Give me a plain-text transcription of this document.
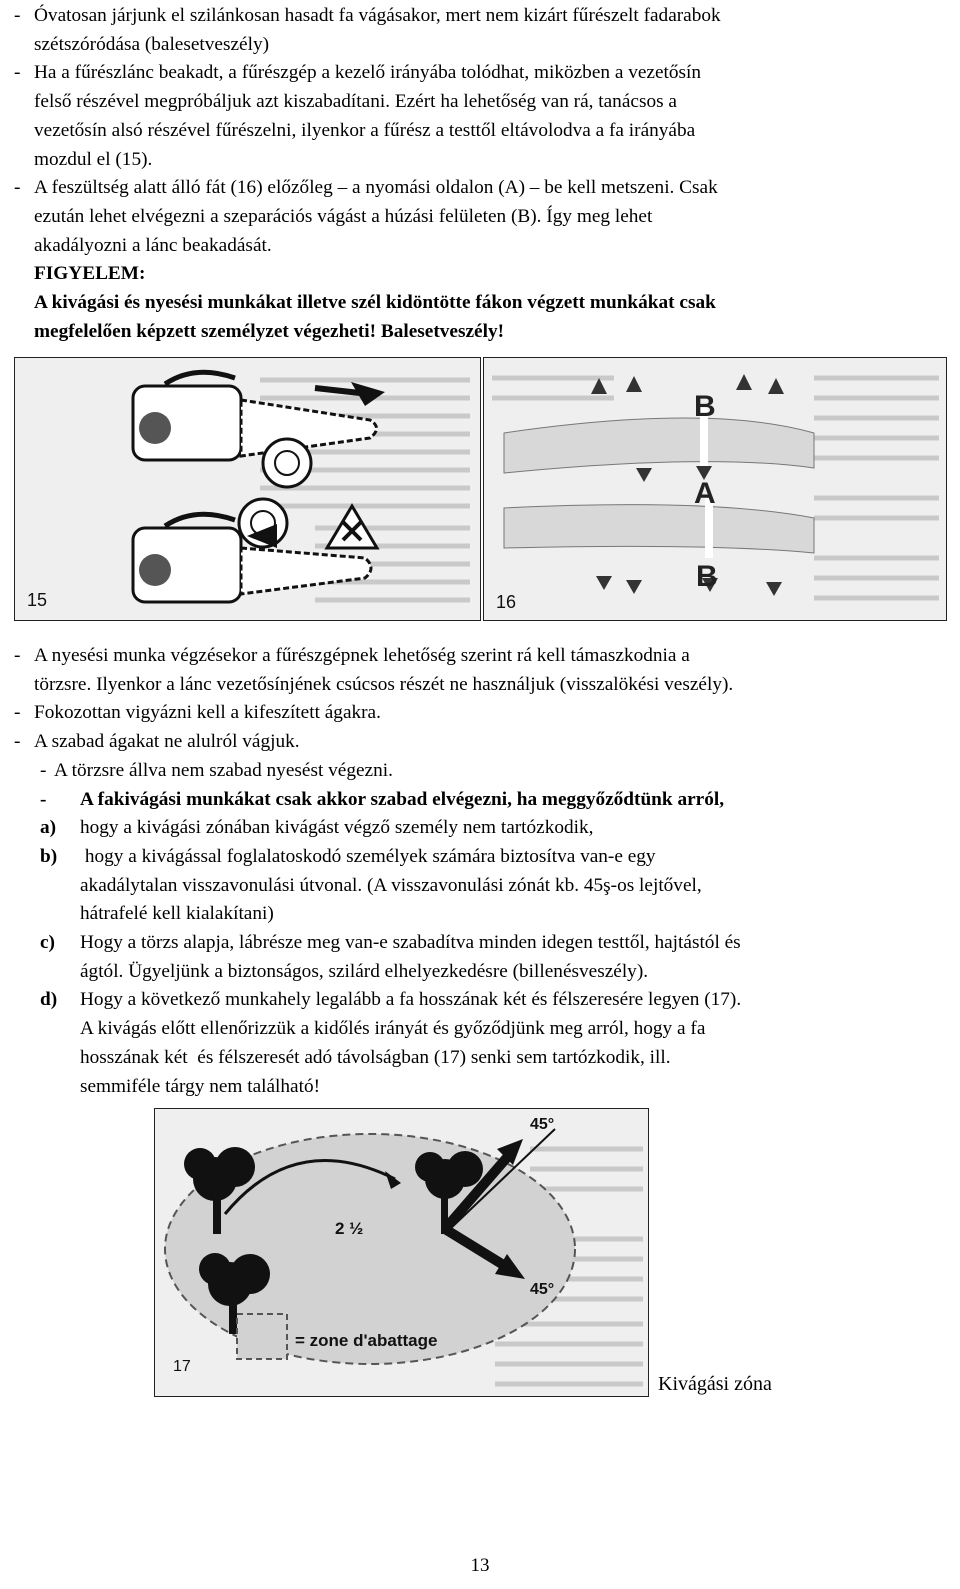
- Óvatosan járjunk el szilánkosan hasadt fa vágásakor, mert nem kizárt fűrészelt fadarabok
szétszóródása (balesetveszély)
- Ha a fűrészlánc beakadt, a fűrészgép a kezelő irányába tolódhat, miközben a vezetősín
felső részével megpróbáljuk azt kiszabadítani. Ezért ha lehetőség van rá, tanácsos a
vezetősín alsó részével fűrészelni, ilyenkor a fűrész a testtől eltávolodva a fa irányába
mozdul el (15).
- A feszültség alatt álló fát (16) előzőleg – a nyomási oldalon (A) – be kell metszeni. Csak
ezután lehet elvégezni a szeparációs vágást a húzási felületen (B). Így meg lehet
akadályozni a lánc beakadását.
FIGYELEM:
A kivágási és nyesési munkákat illetve szél kidöntötte fákon végzett munkákat csak
megfelelően képzett személyzet végezheti! Balesetveszély!
15
B
A
B
16
- A nyesési munka végzésekor a fűrészgépnek lehetőség szerint rá kell támaszkodnia a
törzsre. Ilyenkor a lánc vezetősínjének csúcsos részét ne használjuk (visszalökési veszély).
- Fokozottan vigyázni kell a kifeszített ágakra.
- A szabad ágakat ne alulról vágjuk.
- A törzsre állva nem szabad nyesést végezni.
- A fakivágási munkákat csak akkor szabad elvégezni, ha meggyőződtünk arról,
a) hogy a kivágási zónában kivágást végző személy nem tartózkodik,
b) hogy a kivágással foglalatoskodó személyek számára biztosítva van-e egy
akadálytalan visszavonulási útvonal. (A visszavonulási zónát kb. 45ş-os lejtővel,
hátrafelé kell kialakítani)
c) Hogy a törzs alapja, lábrésze meg van-e szabadítva minden idegen testtől, hajtástól és
ágtól. Ügyeljünk a biztonságos, szilárd elhelyezkedésre (billenésveszély).
d) Hogy a következő munkahely legalább a fa hosszának két és félszeresére legyen (17).
A kivágás előtt ellenőrizzük a kidőlés irányát és győződjünk meg arról, hogy a fa
hosszának két  és félszeresét adó távolságban (17) senki sem tartózkodik, ill.
semmiféle tárgy nem található!
45°
45°
2 ½
= zone d'abattage
17
Kivágási zóna
13
